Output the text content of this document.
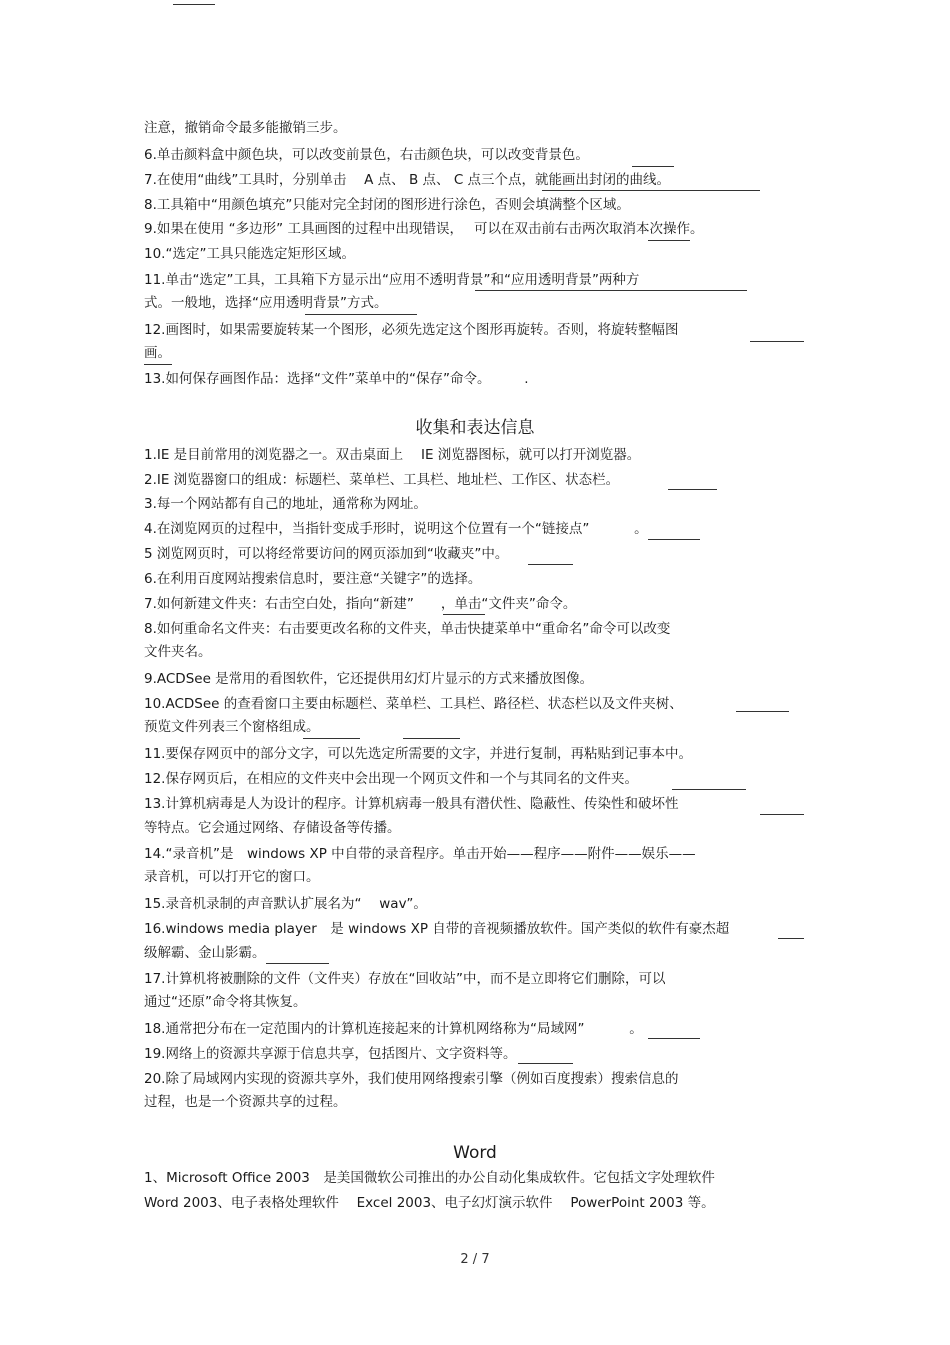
注意，撤销命令最多能撤销三步。
6.单击颜料盒中颜色块，可以改变前景色，右击颜色块，可以改变背景色。
7.在使用“曲线”工具时，分别单击　 A 点、 B 点、 C 点三个点，就能画出封闭的曲线。
8.工具箱中“用颜色填充”只能对完全封闭的图形进行涂色，否则会填满整个区域。
9.如果在使用 “多边形” 工具画图的过程中出现错误，　 可以在双击前右击两次取消本次操作。
10.“选定”工具只能选定矩形区域。
11.单击“选定”工具，工具箱下方显示出“应用不透明背景”和“应用透明背景”两种方
式。一般地，选择“应用透明背景”方式。
12.画图时，如果需要旋转某一个图形，必须先选定这个图形再旋转。否则，将旋转整幅图
画。
13.如何保存画图作品：选择“文件”菜单中的“保存”命令。　　　.
收集和表达信息
1.IE 是目前常用的浏览器之一。双击桌面上　 IE 浏览器图标，就可以打开浏览器。
2.IE 浏览器窗口的组成：标题栏、菜单栏、工具栏、地址栏、工作区、状态栏。
3.每一个网站都有自己的地址，通常称为网址。
4.在浏览网页的过程中，当指针变成手形时，说明这个位置有一个“链接点”　　　 。
5 浏览网页时，可以将经常要访问的网页添加到“收藏夹”中。
6.在利用百度网站搜索信息时，要注意“关键字”的选择。
7.如何新建文件夹：右击空白处，指向“新建”　　，单击“文件夹”命令。
8.如何重命名文件夹：右击要更改名称的文件夹，单击快捷菜单中“重命名”命令可以改变
文件夹名。
9.ACDSee 是常用的看图软件，它还提供用幻灯片显示的方式来播放图像。
10.ACDSee 的查看窗口主要由标题栏、菜单栏、工具栏、路径栏、状态栏以及文件夹树、
预览文件列表三个窗格组成。
11.要保存网页中的部分文字，可以先选定所需要的文字，并进行复制，再粘贴到记事本中。
12.保存网页后，在相应的文件夹中会出现一个网页文件和一个与其同名的文件夹。
13.计算机病毒是人为设计的程序。计算机病毒一般具有潜伏性、隐蔽性、传染性和破坏性
等特点。它会通过网络、存储设备等传播。
14.“录音机”是　windows XP 中自带的录音程序。单击开始——程序——附件——娱乐——
录音机，可以打开它的窗口。
15.录音机录制的声音默认扩展名为“　 wav”。
16.windows media player　是 windows XP 自带的音视频播放软件。国产类似的软件有豪杰超
级解霸、金山影霸。
17.计算机将被删除的文件（文件夹）存放在“回收站”中，而不是立即将它们删除，可以
通过“还原”命令将其恢复。
18.通常把分布在一定范围内的计算机连接起来的计算机网络称为“局域网”　　　 。
19.网络上的资源共享源于信息共享，包括图片、文字资料等。
20.除了局域网内实现的资源共享外，我们使用网络搜索引擎（例如百度搜索）搜索信息的
过程，也是一个资源共享的过程。
Word
1、Microsoft Office 2003　是美国微软公司推出的办公自动化集成软件。它包括文字处理软件
Word 2003、电子表格处理软件　 Excel 2003、电子幻灯演示软件　 PowerPoint 2003 等。
2 / 7
